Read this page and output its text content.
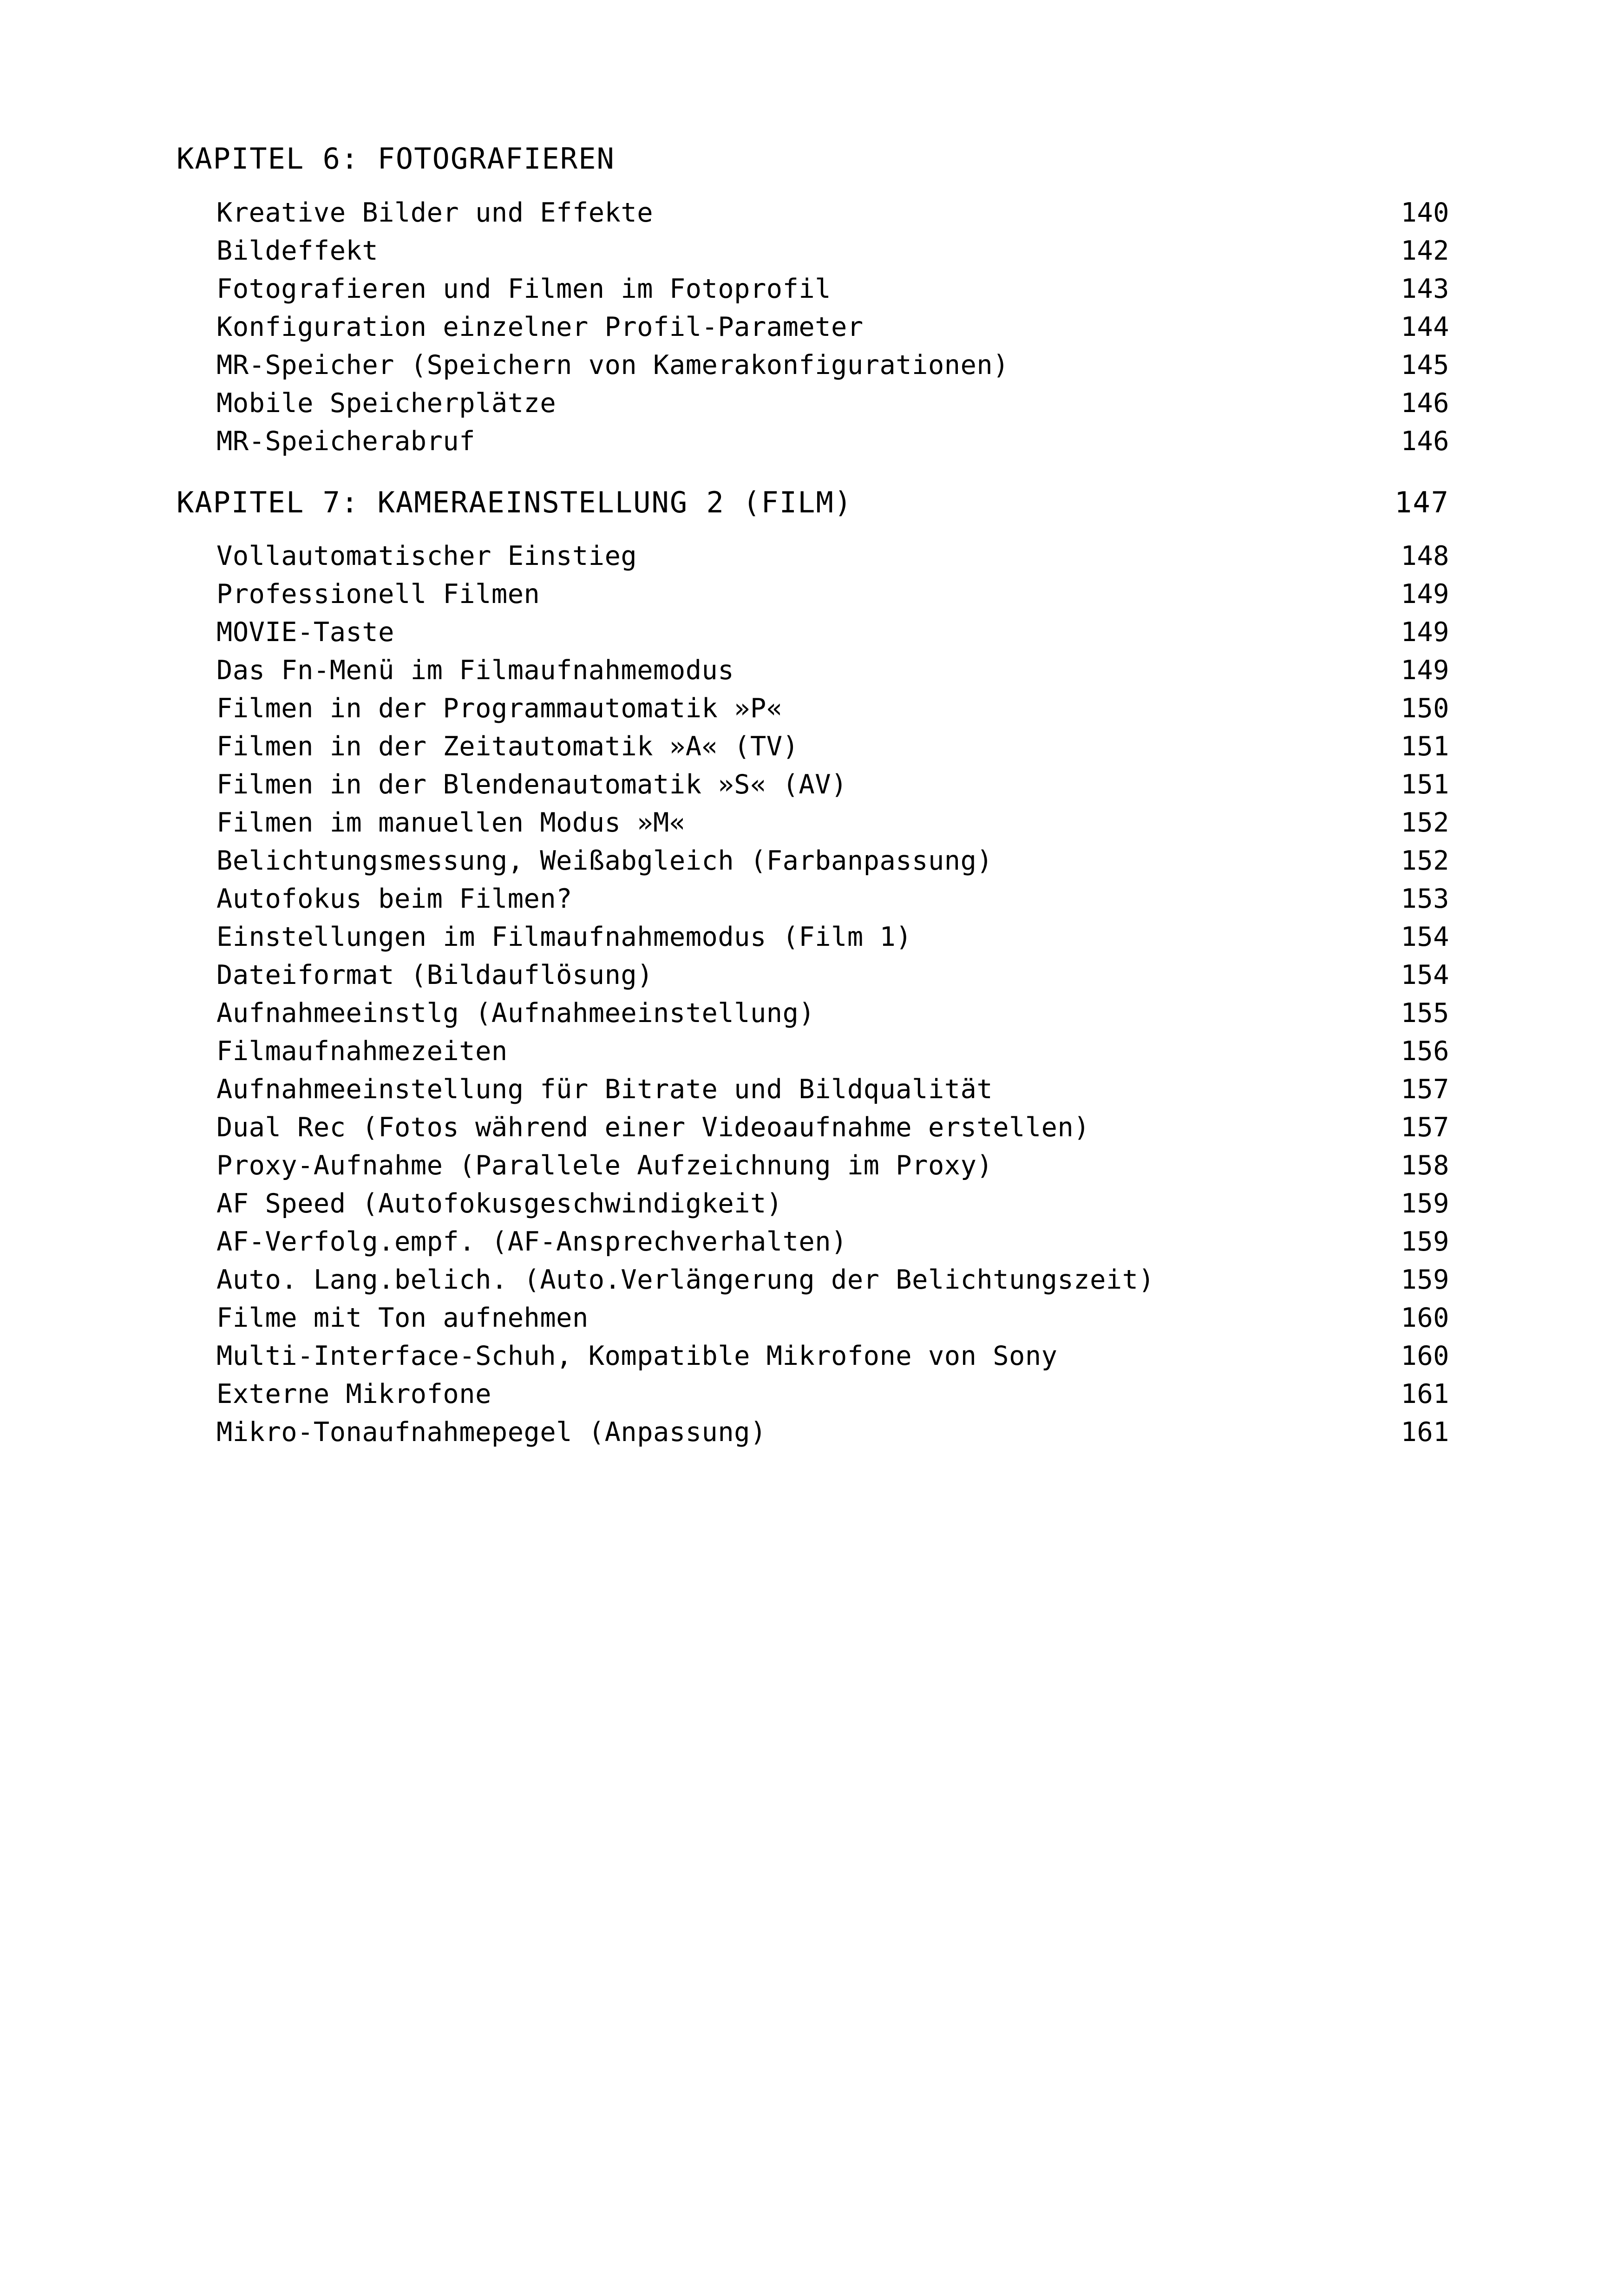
KAPITEL 6: FOTOGRAFIEREN
Kreative Bilder und Effekte	140
Bildeffekt	142
Fotografieren und Filmen im Fotoprofil	143
Konfiguration einzelner Profil-Parameter	144
MR-Speicher (Speichern von Kamerakonfigurationen)	145
Mobile Speicherplätze	146
MR-Speicherabruf	146
KAPITEL 7: KAMERAEINSTELLUNG 2 (FILM)	147
Vollautomatischer Einstieg	148
Professionell Filmen	149
MOVIE-Taste	149
Das Fn-Menü im Filmaufnahmemodus	149
Filmen in der Programmautomatik »P«	150
Filmen in der Zeitautomatik »A« (TV)	151
Filmen in der Blendenautomatik »S« (AV)	151
Filmen im manuellen Modus »M«	152
Belichtungsmessung, Weißabgleich (Farbanpassung)	152
Autofokus beim Filmen?	153
Einstellungen im Filmaufnahmemodus (Film 1)	154
Dateiformat (Bildauflösung)	154
Aufnahmeeinstlg (Aufnahmeeinstellung)	155
Filmaufnahmezeiten	156
Aufnahmeeinstellung für Bitrate und Bildqualität	157
Dual Rec (Fotos während einer Videoaufnahme erstellen)	157
Proxy-Aufnahme (Parallele Aufzeichnung im Proxy)	158
AF Speed (Autofokusgeschwindigkeit)	159
AF-Verfolg.empf. (AF-Ansprechverhalten)	159
Auto. Lang.belich. (Auto.Verlängerung der Belichtungszeit)	159
Filme mit Ton aufnehmen	160
Multi-Interface-Schuh, Kompatible Mikrofone von Sony	160
Externe Mikrofone	161
Mikro-Tonaufnahmepegel (Anpassung)	161
